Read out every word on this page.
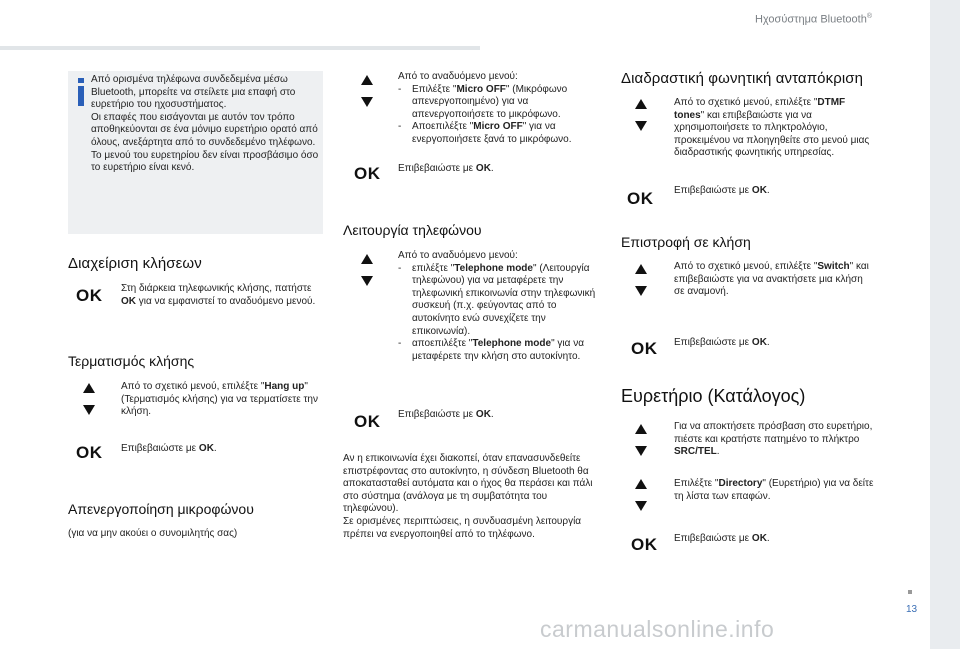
Ηχοσύστημα Bluetooth®
Από ορισμένα τηλέφωνα συνδεδεμένα μέσω Bluetooth, μπορείτε να στείλετε μια επαφή στο ευρετήριο του ηχοσυστήματος.
Οι επαφές που εισάγονται με αυτόν τον τρόπο αποθηκεύονται σε ένα μόνιμο ευρετήριο ορατό από όλους, ανεξάρτητα από το συνδεδεμένο τηλέφωνο.
Το μενού του ευρετηρίου δεν είναι προσβάσιμο όσο το ευρετήριο είναι κενό.
Διαχείριση κλήσεων
OK Στη διάρκεια τηλεφωνικής κλήσης, πατήστε OK για να εμφανιστεί το αναδυόμενο μενού.
Τερματισμός κλήσης
Από το σχετικό μενού, επιλέξτε "Hang up" (Τερματισμός κλήσης) για να τερματίσετε την κλήση.
OK Επιβεβαιώστε με OK.
Απενεργοποίηση μικροφώνου
(για να μην ακούει ο συνομιλητής σας)
Από το αναδυόμενο μενού:
- Επιλέξτε "Micro OFF" (Μικρόφωνο απενεργοποιημένο) για να απενεργοποιήσετε το μικρόφωνο.
- Αποεπιλέξτε "Micro OFF" για να ενεργοποιήσετε ξανά το μικρόφωνο.
OK Επιβεβαιώστε με OK.
Λειτουργία τηλεφώνου
Από το αναδυόμενο μενού:
- επιλέξτε "Telephone mode" (Λειτουργία τηλεφώνου) για να μεταφέρετε την τηλεφωνική επικοινωνία στην τηλεφωνική συσκευή (π.χ. φεύγοντας από το αυτοκίνητο ενώ συνεχίζετε την επικοινωνία).
- αποεπιλέξτε "Telephone mode" για να μεταφέρετε την κλήση στο αυτοκίνητο.
OK Επιβεβαιώστε με OK.
Αν η επικοινωνία έχει διακοπεί, όταν επανασυνδεθείτε επιστρέφοντας στο αυτοκίνητο, η σύνδεση Bluetooth θα αποκατασταθεί αυτόματα και ο ήχος θα περάσει και πάλι στο σύστημα (ανάλογα με τη συμβατότητα του τηλεφώνου).
Σε ορισμένες περιπτώσεις, η συνδυασμένη λειτουργία πρέπει να ενεργοποιηθεί από το τηλέφωνο.
Διαδραστική φωνητική ανταπόκριση
Από το σχετικό μενού, επιλέξτε "DTMF tones" και επιβεβαιώστε για να χρησιμοποιήσετε το πληκτρολόγιο, προκειμένου να πλοηγηθείτε στο μενού μιας διαδραστικής φωνητικής υπηρεσίας.
OK Επιβεβαιώστε με OK.
Επιστροφή σε κλήση
Από το σχετικό μενού, επιλέξτε "Switch" και επιβεβαιώστε για να ανακτήσετε μια κλήση σε αναμονή.
OK Επιβεβαιώστε με OK.
Ευρετήριο (Κατάλογος)
Για να αποκτήσετε πρόσβαση στο ευρετήριο, πιέστε και κρατήστε πατημένο το πλήκτρο SRC/TEL.
Επιλέξτε "Directory" (Ευρετήριο) για να δείτε τη λίστα των επαφών.
OK Επιβεβαιώστε με OK.
13
carmanualsonline.info
